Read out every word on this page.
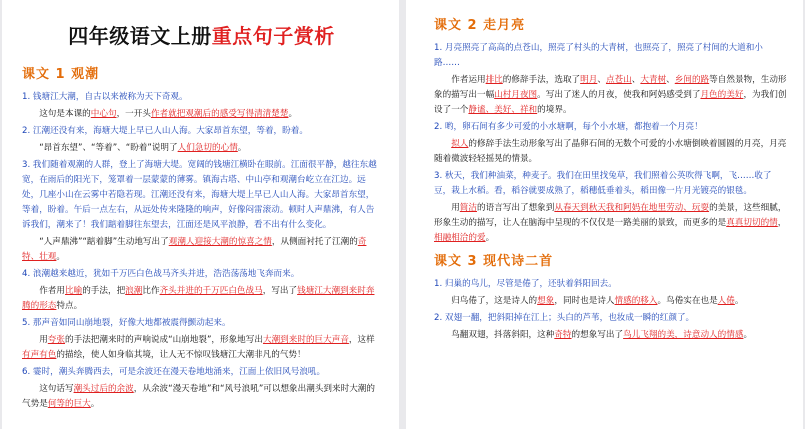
四年级语文上册重点句子赏析
课文 1 观潮
1. 钱塘江大潮，自古以来被称为天下奇观。
这句是本课的中心句，一开头作者就把观潮后的感受写得清清楚楚。
2. 江潮还没有来，海塘大堤上早已人山人海。大家昂首东望，等着，盼着。
“昂首东望”、“等着”、“盼着”说明了人们急切的心情。
3. 我们随着观潮的人群，登上了海塘大堤。宽阔的钱塘江横卧在眼前。江面很平静，越往东越宽，在雨后的阳光下，笼罩着一层蒙蒙的薄雾。镇海古塔、中山亭和观潮台屹立在江边。远处，几座小山在云雾中若隐若现。江潮还没有来，海塘大堤上早已人山人海。大家昂首东望，等着，盼着。午后一点左右，从远处传来隆隆的响声，好像闷雷滚动。顿时人声鼎沸，有人告诉我们，潮来了！我们踮着脚往东望去，江面还是风平浪静，看不出有什么变化。
“人声鼎沸”“踮着脚”生动地写出了观潮人迎接大潮的惊喜之情，从侧面衬托了江潮的奇特、壮观。
4. 浪潮越来越近，犹如千万匹白色战马齐头并进，浩浩荡荡地飞奔而来。
作者用比喻的手法，把浪潮比作齐头并进的千万匹白色战马，写出了钱塘江大潮到来时奔腾的形态特点。
5. 那声音如同山崩地裂，好像大地都被震得颤动起来。
用夸张的手法把潮来时的声响说成“山崩地裂”，形象地写出大潮到来时的巨大声音，这样有声有色的描绘，使人如身临其境，让人无不惊叹钱塘江大潮非凡的气势！
6. 霎时，潮头奔腾西去，可是余波还在漫天卷地地涌来，江面上依旧风号浪吼。
这句话写潮头过后的余波，从余波“漫天卷地”和“风号浪吼”可以想象出潮头到来时大潮的气势是何等的巨大。
课文 2 走月亮
1. 月亮照亮了高高的点苍山，照亮了村头的大青树，也照亮了，照亮了村间的大道和小路……
作者运用排比的修辞手法，选取了明月、点苍山、大青树、乡间的路等自然景物，生动形象的描写出一幅山村月夜图。写出了迷人的月夜，使我和阿妈感受到了月色的美好，为我们创设了一个静谧、美好、祥和的境界。
2. 哟，卵石间有多少可爱的小水塘啊，每个小水塘，都抱着一个月亮！
拟人的修辞手法生动形象写出了晶卵石间的无数个可爱的小水塘倒映着圆圆的月亮，月亮随着微波轻轻摇晃的情景。
3. 秋天，我们种油菜，种麦子。我们在田里找兔草，我们照着公英吹得飞啊，飞……收了豆，栽上水稻。看，稻谷就要成熟了，稻穗低垂着头，稻田像一片月光镀亮的银毯。
用简洁的语言写出了想象到从春天到秋天我和阿妈在地里劳动、玩耍的美景，这些细腻，形象生动的描写，让人在脑海中呈现的不仅仅是一路美丽的景致，而更多的是真真切切的情，相融相洽的爱。
课文 3 现代诗二首
1. 归巢的鸟儿，尽管是倦了，还驮着斜阳回去。
归鸟倦了，这是诗人的想象，同时也是诗人情感的移入。鸟倦实在也是人倦。
2. 双翅一翻，把斜阳掉在江上；头白的芦苇，也妆成一瞬的红颜了。
鸟翻双翅，抖落斜阳，这种奇特的想象写出了鸟儿飞翔的美，诗意动人的情感。
